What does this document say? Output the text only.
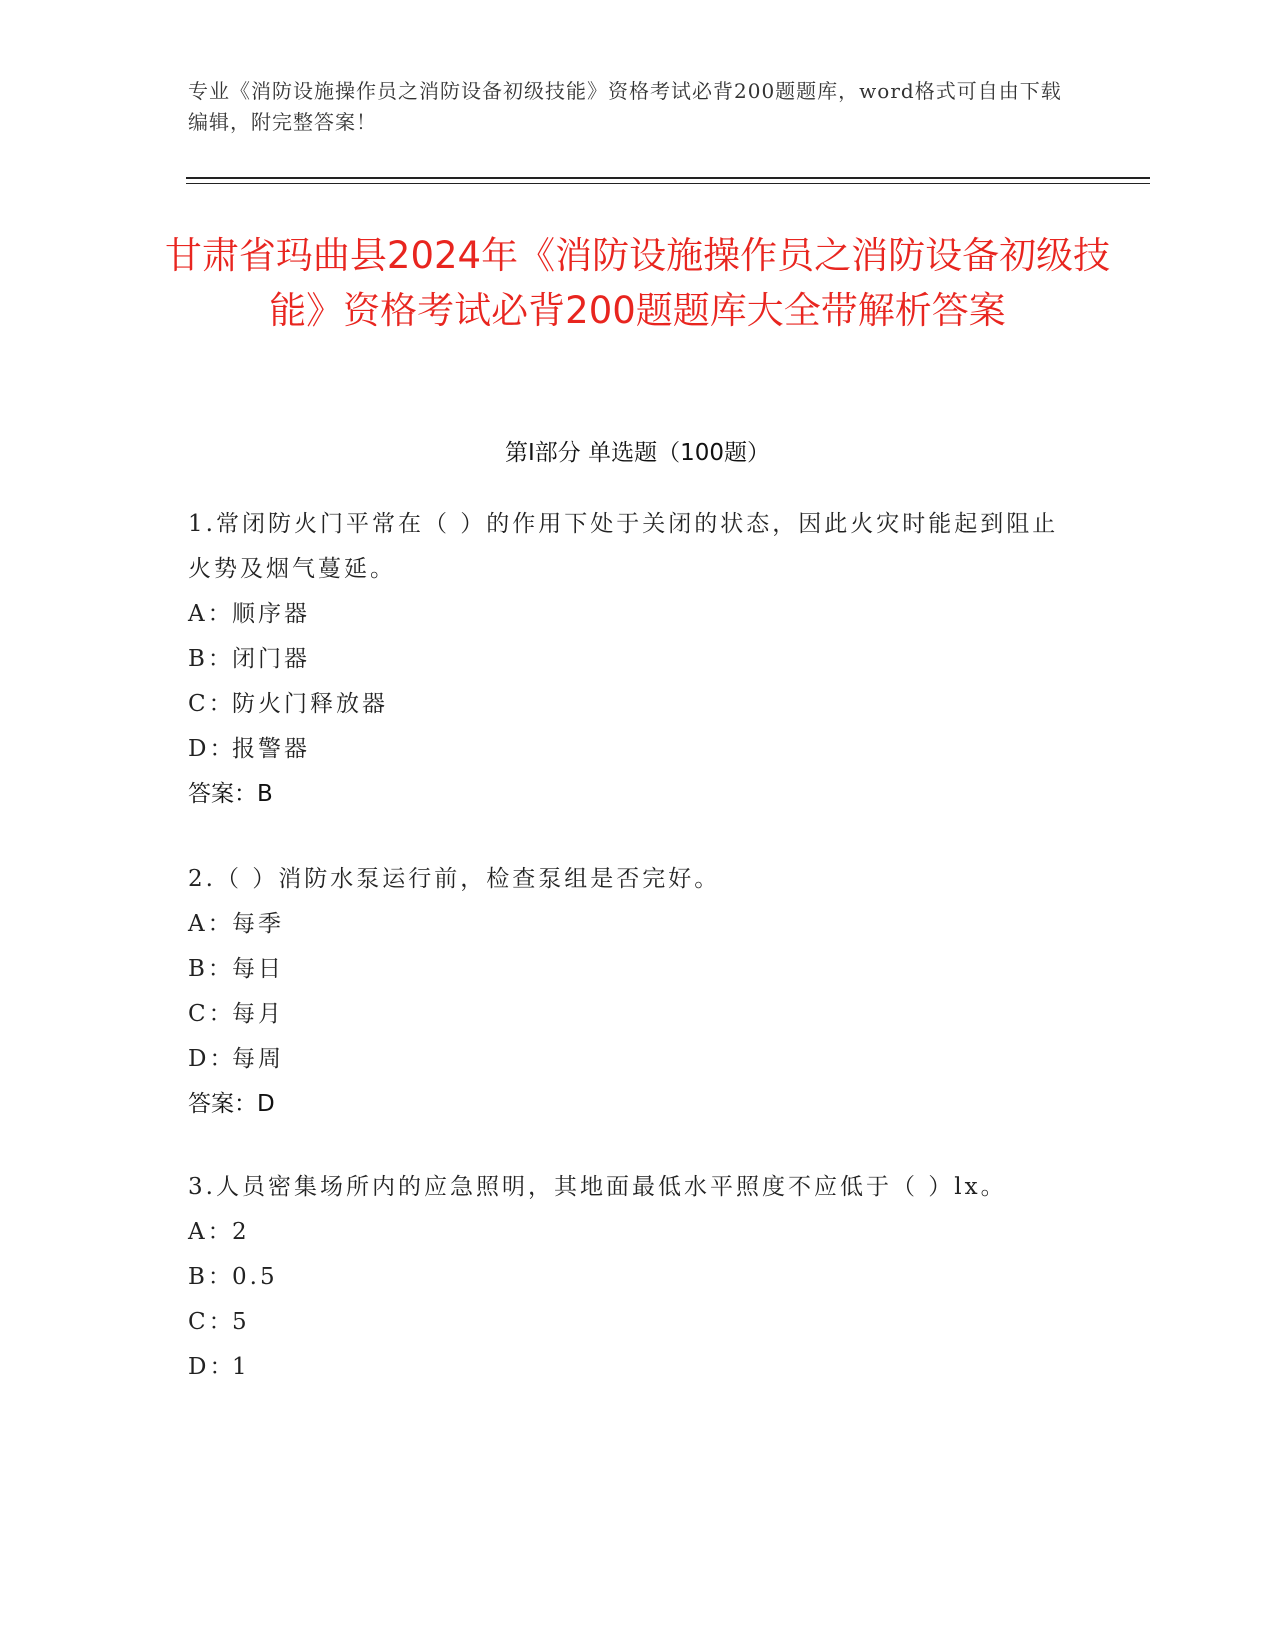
专业《消防设施操作员之消防设备初级技能》资格考试必背200题题库，word格式可自由下载编辑，附完整答案！
甘肃省玛曲县2024年《消防设施操作员之消防设备初级技能》资格考试必背200题题库大全带解析答案
第Ⅰ部分 单选题（100题）

1.常闭防火门平常在（ ）的作用下处于关闭的状态，因此火灾时能起到阻止火势及烟气蔓延。

A：
顺序器
B：
闭门器
C：
防火门释放器
D：
报警器
答案：B

2.（ ）消防水泵运行前，检查泵组是否完好。

A：
每季
B：
每日
C：
每月
D：
每周
答案：D

3.人员密集场所内的应急照明，其地面最低水平照度不应低于（ ）lx。

A：
2
B：
0.5
C：
5
D：
1
